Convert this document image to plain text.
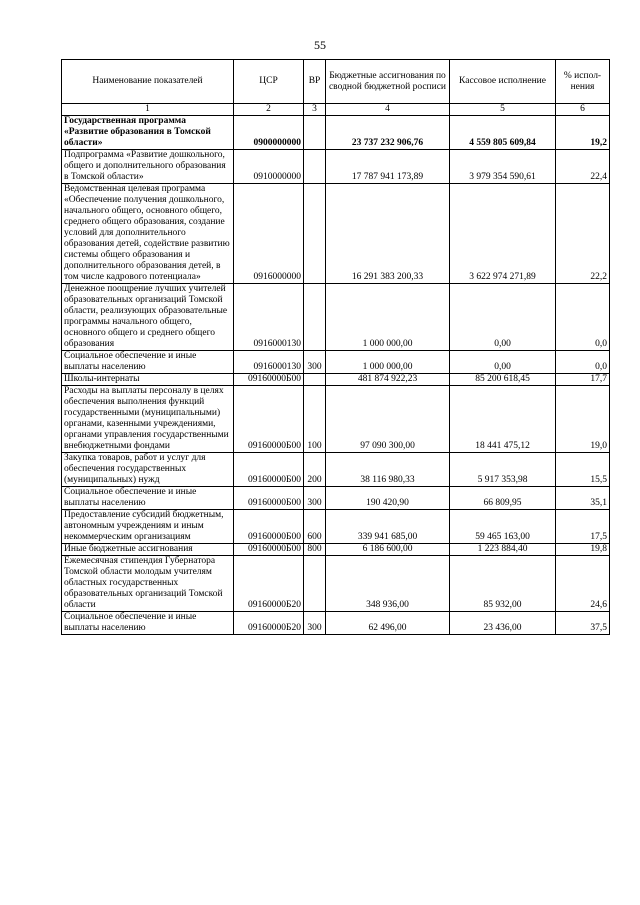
55
Наименование показателей	ЦСР	ВР	Бюджетные ассигнования по сводной бюджетной росписи	Кассовое исполнение	% испол-нения
1	2	3	4	5	6
Государственная программа «Развитие образования в Томской области»	0900000000		23 737 232 906,76	4 559 805 609,84	19,2
Подпрограмма «Развитие дошкольного, общего и дополнительного образования в Томской области»	0910000000		17 787 941 173,89	3 979 354 590,61	22,4
Ведомственная целевая программа «Обеспечение получения дошкольного, начального общего, основного общего, среднего общего образования, создание условий для дополнительного образования детей, содействие развитию системы общего образования и дополнительного образования детей, в том числе кадрового потенциала»	0916000000		16 291 383 200,33	3 622 974 271,89	22,2
Денежное поощрение лучших учителей образовательных организаций Томской области, реализующих образовательные программы начального общего, основного общего и среднего общего образования	0916000130		1 000 000,00	0,00	0,0
Социальное обеспечение и иные выплаты населению	0916000130	300	1 000 000,00	0,00	0,0
Школы-интернаты	09160000Б00		481 874 922,23	85 200 618,45	17,7
Расходы на выплаты персоналу в целях обеспечения выполнения функций государственными (муниципальными) органами, казенными учреждениями, органами управления государственными внебюджетными фондами	09160000Б00	100	97 090 300,00	18 441 475,12	19,0
Закупка товаров, работ и услуг для обеспечения государственных (муниципальных) нужд	09160000Б00	200	38 116 980,33	5 917 353,98	15,5
Социальное обеспечение и иные выплаты населению	09160000Б00	300	190 420,90	66 809,95	35,1
Предоставление субсидий бюджетным, автономным учреждениям и иным некоммерческим организациям	09160000Б00	600	339 941 685,00	59 465 163,00	17,5
Иные бюджетные ассигнования	09160000Б00	800	6 186 600,00	1 223 884,40	19,8
Ежемесячная стипендия Губернатора Томской области молодым учителям областных государственных образовательных организаций Томской области	09160000Б20		348 936,00	85 932,00	24,6
Социальное обеспечение и иные выплаты населению	09160000Б20	300	62 496,00	23 436,00	37,5
